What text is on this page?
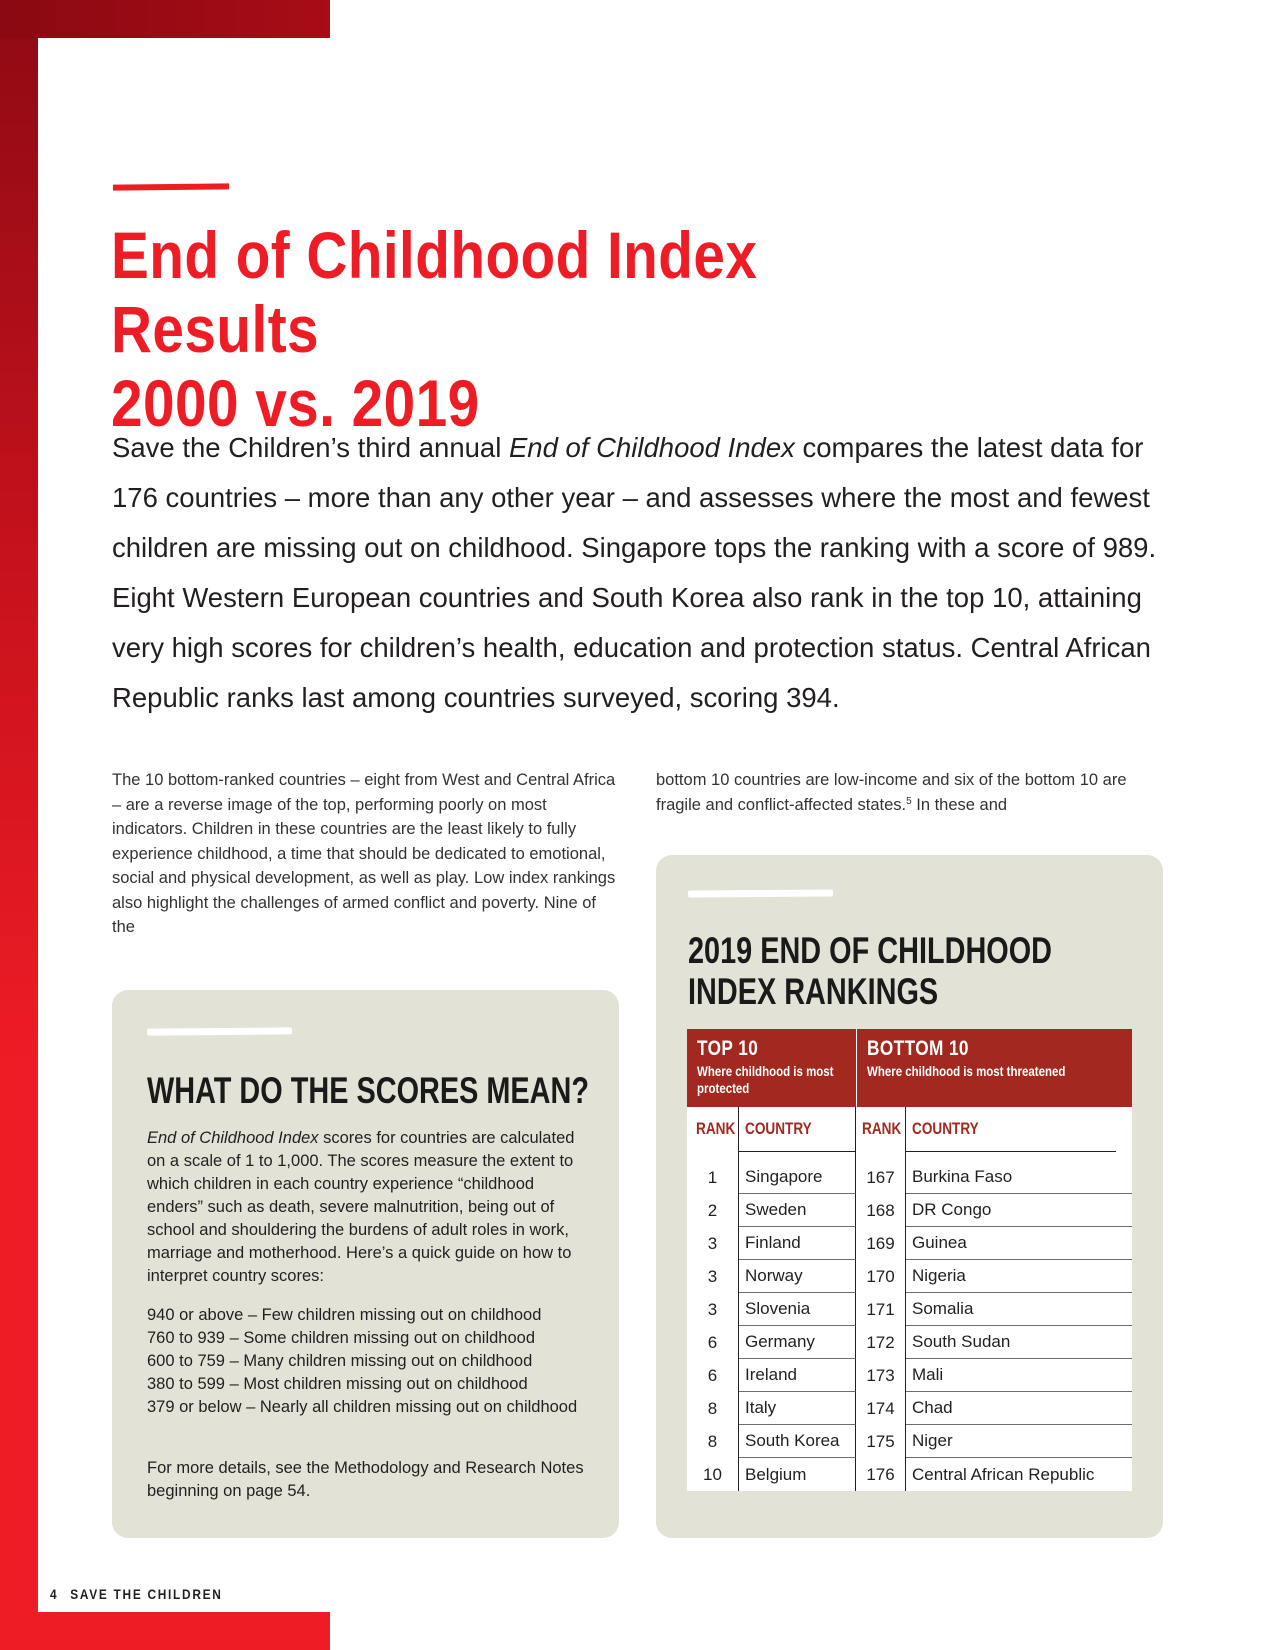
End of Childhood Index Results
2000 vs. 2019

Save the Children’s third annual End of Childhood Index compares the latest data for 176 countries – more than any other year – and assesses where the most and fewest children are missing out on childhood. Singapore tops the ranking with a score of 989. Eight Western European countries and South Korea also rank in the top 10, attaining very high scores for children’s health, education and protection status. Central African Republic ranks last among countries surveyed, scoring 394.

The 10 bottom-ranked countries – eight from West and Central Africa – are a reverse image of the top, performing poorly on most indicators. Children in these countries are the least likely to fully experience childhood, a time that should be dedicated to emotional, social and physical development, as well as play. Low index rankings also highlight the challenges of armed conflict and poverty. Nine of the

bottom 10 countries are low-income and six of the bottom 10 are fragile and conflict-affected states.$^5$ In these and

WHAT DO THE SCORES MEAN?

End of Childhood Index scores for countries are calculated on a scale of 1 to 1,000. The scores measure the extent to which children in each country experience “childhood enders” such as death, severe malnutrition, being out of school and shouldering the burdens of adult roles in work, marriage and motherhood. Here’s a quick guide on how to interpret country scores:

940 or above – Few children missing out on childhood
760 to 939 – Some children missing out on childhood
600 to 759 – Many children missing out on childhood
380 to 599 – Most children missing out on childhood
379 or below – Nearly all children missing out on childhood

For more details, see the Methodology and Research Notes beginning on page 54.

2019 END OF CHILDHOOD
INDEX RANKINGS

TOP 10

Where childhood is most protected

BOTTOM 10

Where childhood is most threatened

RANK COUNTRY	RANK COUNTRY
1	Singapore	167	Burkina Faso
2	Sweden	168	DR Congo
3	Finland	169	Guinea
3	Norway	170	Nigeria
3	Slovenia	171	Somalia
6	Germany	172	South Sudan
6	Ireland	173	Mali
8	Italy	174	Chad
8	South Korea	175	Niger
10	Belgium	176	Central African Republic

4 SAVE THE CHILDREN
